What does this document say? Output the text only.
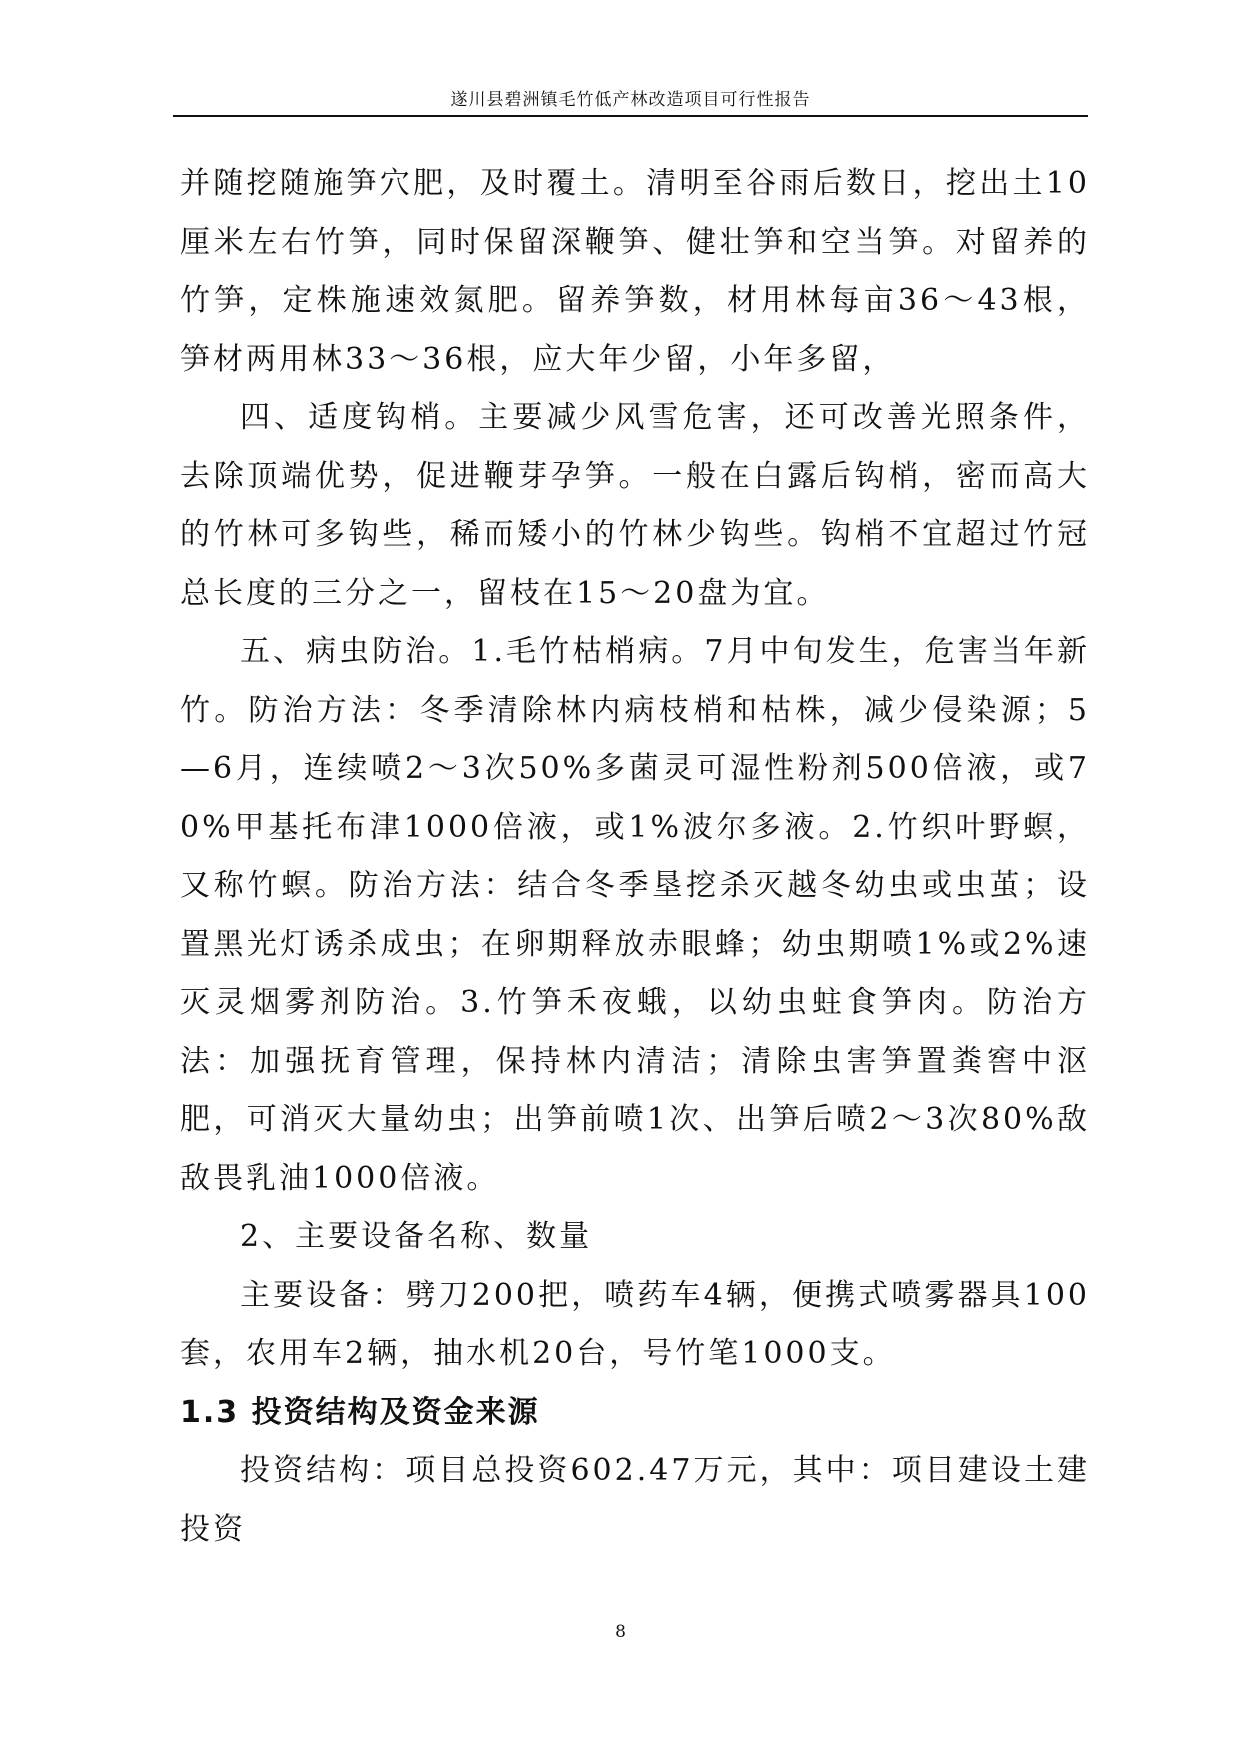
遂川县碧洲镇毛竹低产林改造项目可行性报告

并随挖随施笋穴肥，及时覆土。清明至谷雨后数日，挖出土10厘米左右竹笋，同时保留深鞭笋、健壮笋和空当笋。对留养的竹笋，定株施速效氮肥。留养笋数，材用林每亩36～43根，笋材两用林33～36根，应大年少留，小年多留，

四、适度钩梢。主要减少风雪危害，还可改善光照条件，去除顶端优势，促进鞭芽孕笋。一般在白露后钩梢，密而高大的竹林可多钩些，稀而矮小的竹林少钩些。钩梢不宜超过竹冠总长度的三分之一，留枝在15～20盘为宜。

五、病虫防治。1.毛竹枯梢病。7月中旬发生，危害当年新竹。防治方法：冬季清除林内病枝梢和枯株，减少侵染源；5—6月，连续喷2～3次50%多菌灵可湿性粉剂500倍液，或70%甲基托布津1000倍液，或1%波尔多液。2.竹织叶野螟，又称竹螟。防治方法：结合冬季垦挖杀灭越冬幼虫或虫茧；设置黑光灯诱杀成虫；在卵期释放赤眼蜂；幼虫期喷1%或2%速灭灵烟雾剂防治。3.竹笋禾夜蛾，以幼虫蛀食笋肉。防治方法：加强抚育管理，保持林内清洁；清除虫害笋置粪窖中沤肥，可消灭大量幼虫；出笋前喷1次、出笋后喷2～3次80%敌敌畏乳油1000倍液。

2、主要设备名称、数量

主要设备：劈刀200把，喷药车4辆，便携式喷雾器具100套，农用车2辆，抽水机20台，号竹笔1000支。

1.3 投资结构及资金来源

投资结构：项目总投资602.47万元，其中：项目建设土建投资

8
